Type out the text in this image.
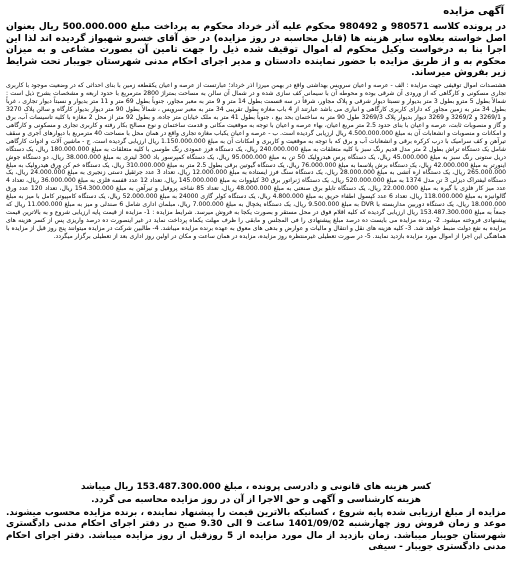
آگهی مزایده

در پرونده کلاسه 980571 و 980492 محکوم علیه آذر خرداد محکوم به پرداخت مبلغ 500.000.000 ریال بعنوان اصل خواسته بعلاوه سایر هزینه ها (قابل محاسبه در روز مزایده) در حق آقای خسرو شهبواز گردیده اند لذا این اجرا بنا به درخواست وکیل محکوم له اموال توقیف شده ذیل را جهت تامین آن بصورت مشاعی و به میزان محکوم به و از طریق مزایده با حضور نماینده دادستان و مدیر اجرای احکام مدنی شهرستان جویبار تحت شرایط زیر بفروش میرساند.

هشتصدات اموال توقیفی جهت مزایده : الف - عرصه و اعیان سرویس بهداشتی واقع در بهمن میرزا آذر خرداد؛ عبارتست از عرصه و اعیان یکقطعه زمین با بنای احداثی که در وضعیت موجود با کاربری تجاری مسکونی و کارگاهی که از ورودی آن شرقی بوده و محوطه آن با سیمانی کف سازی شده و در شمال آن سالن به مساحت بمتراژ 2800 مترمربع با حدود اربعه و مشخصات بشرح ذیل است : شمالاً بطول 5 مترو بطول 3 متر بدیوار و نسبتا دیوار شرقی و پلاک مجاور، شرقاً در سه قسمت بطول 14 متر و 9 متر به معبر مجاور، جنوباً بطول 69 متر و 11 متر بدیوار و نسبتاً دیوار تجاری ، غرباً بطول 34 متر به زمین مجاور که دارای کاربری کارگاهی و انباری می باشد عبارتند از 4 باب مغازه بطول تقریبی 34 متر به معبر سرویس ، شمالاً بطول 90 متر دیوار بدیوار کارگاه و سالن پلاک 3270 و 3269/1 و 3269/2 و 3269 دیوار بدیوار پلاک 3269/3 طول 90 متر به ساختمان بحد بیع ، جنوباً بطول 41 متر به ملک خیابان متر جاده، و بطول 92 متر از محل 2 مغازه با کلیه تاسیسات آب، برق و گاز و منصوبات ثابت، عرصه و اعیان با بنای حدود 2.5 متر مربع اعیان، بهاء عرصه و اعیان با توجه به موقعیت مکانی و قدمت ساختمان و نوع مصالح بکار رفته و کاربری تجاری و مسکونی و کارگاهی و امکانات و منصوبات و انشعابات آن به مبلغ 4.500.000.000 ریال ارزیابی گردیده است. ب - عرصه و اعیان یکباب مغازه تجاری واقع در همان محل با مساحت 40 مترمربع با دیوارهای آجری و سقف تیرآهن و کف سرامیک با درب کرکره برقی و انشعابات آب و برق که با توجه به موقعیت و کاربری و امکانات آن به مبلغ 1.150.000.000 ریال ارزیابی گردیده است. ج - ماشین آلات و ادوات کارگاهی شامل یک دستگاه تراش بطول 2 متر مدل قدیم رنگ سبز با کلیه متعلقات به مبلغ 240.000.000 ریال، یک دستگاه فرز عمودی رنگ طوسی با کلیه متعلقات به مبلغ 180.000.000 ریال، یک دستگاه دریل ستونی رنگ سبز به مبلغ 45.000.000 ریال، یک دستگاه پرس هیدرولیک 50 تن به مبلغ 95.000.000 ریال، یک دستگاه کمپرسور باد 300 لیتری به مبلغ 38.000.000 ریال، دو دستگاه جوش اینورتر به مبلغ 42.000.000 ریال، یک دستگاه برش پلاسما به مبلغ 76.000.000 ریال، یک دستگاه گیوتین برقی بطول 2.5 متر به مبلغ 310.000.000 ریال، یک دستگاه خم کن ورق هیدرولیک به مبلغ 265.000.000 ریال، یک دستگاه اره آتشی به مبلغ 28.000.000 ریال، یک دستگاه سنگ فرز ایستاده به مبلغ 12.000.000 ریال، تعداد 3 عدد جرثقیل دستی زنجیری به مبلغ 24.000.000 ریال، یک دستگاه لیفتراک دیزلی 3 تن مدل 1374 به مبلغ 520.000.000 ریال، یک دستگاه ژنراتور برق 30 کیلووات به مبلغ 145.000.000 ریال، تعداد 12 عدد قفسه فلزی به مبلغ 36.000.000 ریال، تعداد 4 عدد میز کار فلزی با گیره به مبلغ 22.000.000 ریال، یک دستگاه تابلو برق صنعتی به مبلغ 48.000.000 ریال، تعداد 85 شاخه پروفیل و تیرآهن به مبلغ 154.300.000 ریال، تعداد 120 عدد ورق گالوانیزه به مبلغ 118.000.000 ریال، تعداد 6 عدد کپسول اطفاء حریق به مبلغ 4.800.000 ریال، یک دستگاه کولر گازی 24000 به مبلغ 52.000.000 ریال، یک دستگاه کامپیوتر کامل با میز به مبلغ 18.000.000 ریال، یک دستگاه دوربین مداربسته با DVR به مبلغ 9.500.000 ریال، یک دستگاه یخچال به مبلغ 7.000.000 ریال، مبلمان اداری شامل 6 صندلی و میز به مبلغ 11.000.000 ریال که جمعاً به مبلغ 153.487.300.000 ریال ارزیابی گردیده که کلیه اقلام فوق در محل مستقر و بصورت یکجا به فروش میرسد. شرایط مزایده : 1- مزایده از قیمت پایه ارزیابی شروع و به بالاترین قیمت پیشنهادی فروخته میشود. 2- برنده مزایده می بایست ده درصد مبلغ پیشنهادی را فی المجلس و مابقی را ظرف مهلت یکماه پرداخت نماید در غیر اینصورت ده درصد واریزی پس از کسر هزینه های مزایده به نفع دولت ضبط خواهد شد. 3- کلیه هزینه های نقل و انتقال و مالیات و عوارض و بدهی های معوق به عهده برنده مزایده میباشد. 4- طالبین شرکت در مزایده میتوانند پنج روز قبل از مزایده با هماهنگی این اجرا از اموال مورد مزایده بازدید نمایند. 5- در صورت تعطیلی غیرمنتظره روز مزایده، مزایده در همان ساعت و مکان در اولین روز اداری بعد از تعطیلی برگزار میگردد.

کسر هزینه های قانونی و دادرسی پرونده ، مبلغ 153.487.300.000 ریال میباشد
هزینه کارشناسی و آگهی و حق الاجرا از آن در روز مزایده محاسبه می گردد.

مزایده از مبلغ ارزیابی شده پایه شروع ، کسانیکه بالاترین قیمت را پیشنهاد نماینده ، برنده مزایده محسوب میشوند. موعد و زمان فروش روز چهارشنبه 1401/09/02 ساعت 9 الی 9.30 صبح در دفتر اجرای احکام مدنی دادگستری شهرستان جویبار میباشد. زمان بازدید از مال مورد مزایده از 5 روزقبل از روز مزایده میباشد. دفتر اجرای احکام مدنی دادگستری جویبار - سیفی
